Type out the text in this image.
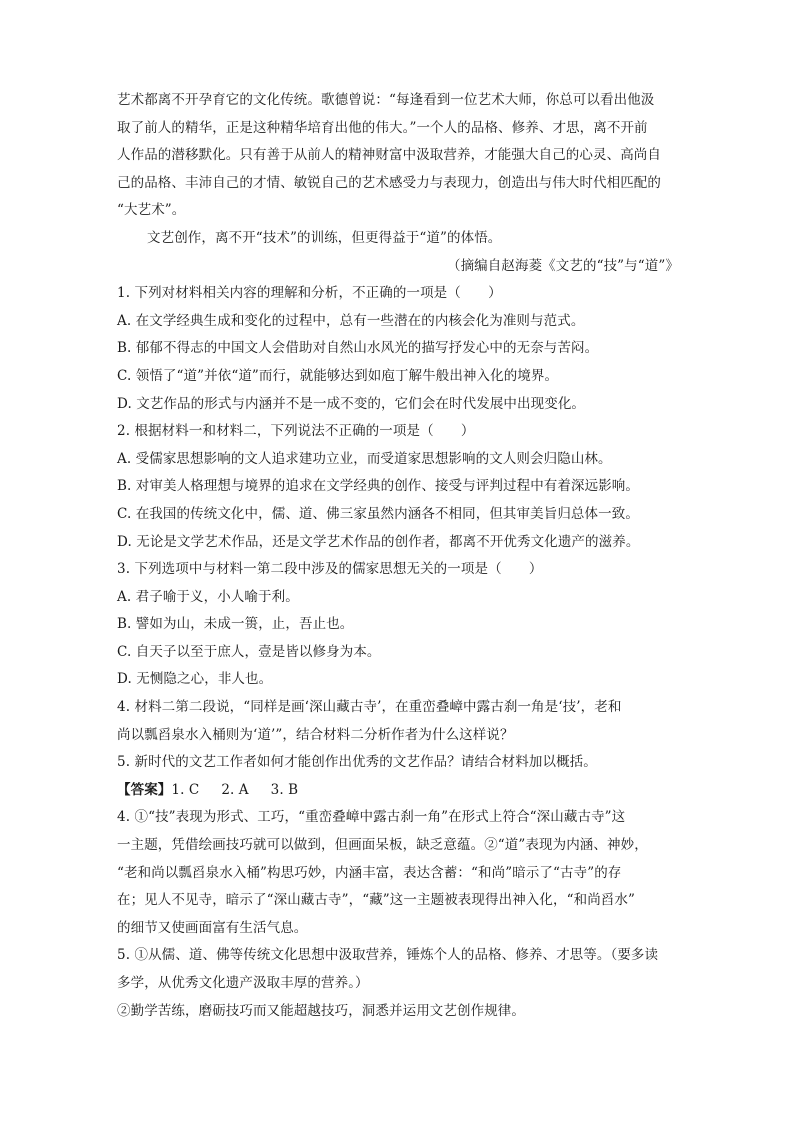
艺术都离不开孕育它的文化传统。歌德曾说：“每逢看到一位艺术大师，你总可以看出他汲
取了前人的精华，正是这种精华培育出他的伟大。”一个人的品格、修养、才思，离不开前
人作品的潜移默化。只有善于从前人的精神财富中汲取营养，才能强大自己的心灵、高尚自
己的品格、丰沛自己的才情、敏锐自己的艺术感受力与表现力，创造出与伟大时代相匹配的
“大艺术”。
文艺创作，离不开“技术”的训练，但更得益于“道”的体悟。
（摘编自赵海菱《文艺的“技”与“道”》
1. 下列对材料相关内容的理解和分析，不正确的一项是（　　）
A. 在文学经典生成和变化的过程中，总有一些潜在的内核会化为准则与范式。
B. 郁郁不得志的中国文人会借助对自然山水风光的描写抒发心中的无奈与苦闷。
C. 领悟了“道”并依“道”而行，就能够达到如庖丁解牛般出神入化的境界。
D. 文艺作品的形式与内涵并不是一成不变的，它们会在时代发展中出现变化。
2. 根据材料一和材料二，下列说法不正确的一项是（　　）
A. 受儒家思想影响的文人追求建功立业，而受道家思想影响的文人则会归隐山林。
B. 对审美人格理想与境界的追求在文学经典的创作、接受与评判过程中有着深远影响。
C. 在我国的传统文化中，儒、道、佛三家虽然内涵各不相同，但其审美旨归总体一致。
D. 无论是文学艺术作品，还是文学艺术作品的创作者，都离不开优秀文化遗产的滋养。
3. 下列选项中与材料一第二段中涉及的儒家思想无关的一项是（　　）
A. 君子喻于义，小人喻于利。
B. 譬如为山，未成一篑，止，吾止也。
C. 自天子以至于庶人，壹是皆以修身为本。
D. 无恻隐之心，非人也。
4. 材料二第二段说，“同样是画‘深山藏古寺’，在重峦叠嶂中露古刹一角是‘技’，老和
尚以瓢舀泉水入桶则为‘道’”，结合材料二分析作者为什么这样说？
5. 新时代的文艺工作者如何才能创作出优秀的文艺作品？请结合材料加以概括。
【答案】1. C 2. A 3. B
4. ①“技”表现为形式、工巧，“重峦叠嶂中露古刹一角”在形式上符合“深山藏古寺”这
一主题，凭借绘画技巧就可以做到，但画面呆板，缺乏意蕴。②“道”表现为内涵、神妙，
“老和尚以瓢舀泉水入桶”构思巧妙，内涵丰富，表达含蓄：“和尚”暗示了“古寺”的存
在；见人不见寺，暗示了“深山藏古寺”，“藏”这一主题被表现得出神入化，“和尚舀水”
的细节又使画面富有生活气息。
5. ①从儒、道、佛等传统文化思想中汲取营养，锤炼个人的品格、修养、才思等。（要多读
多学，从优秀文化遗产汲取丰厚的营养。）
②勤学苦练，磨砺技巧而又能超越技巧，洞悉并运用文艺创作规律。
